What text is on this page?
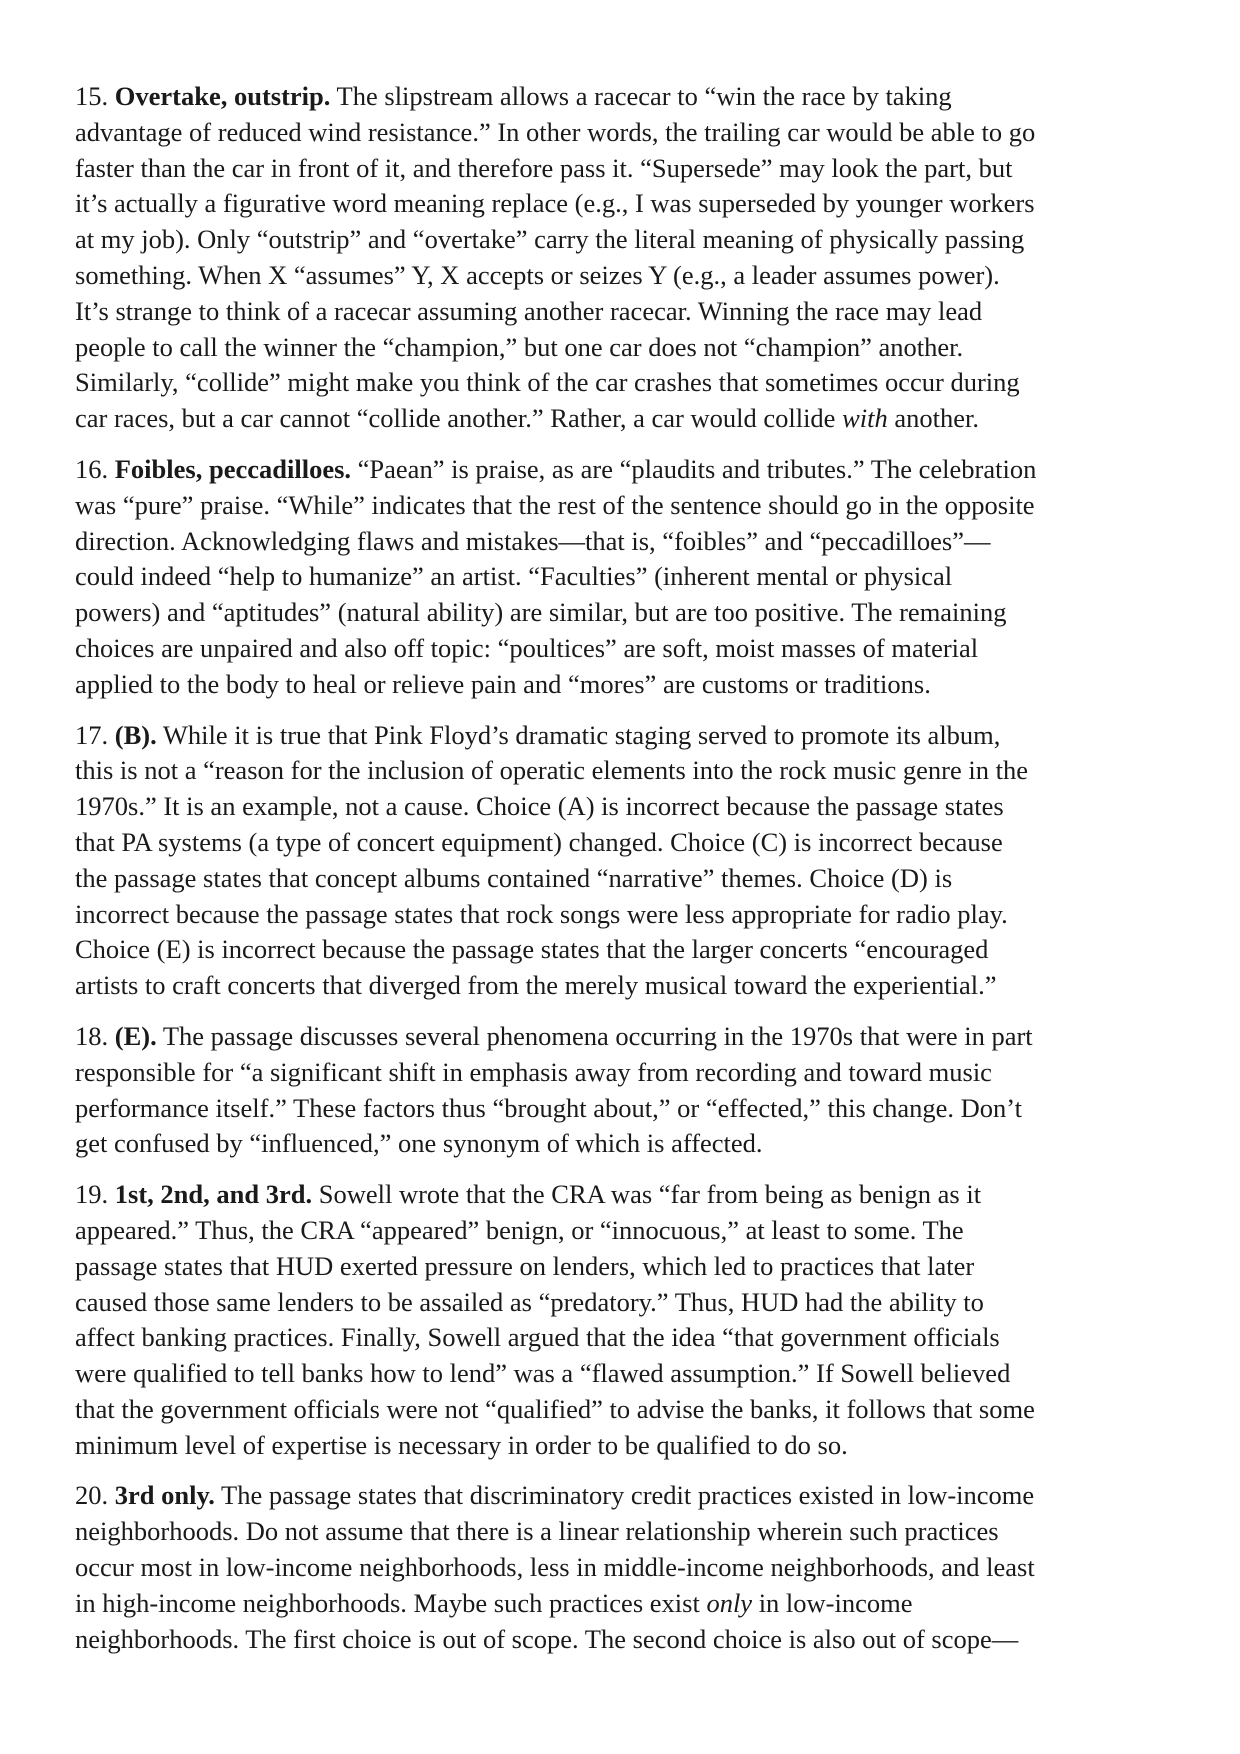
15. Overtake, outstrip. The slipstream allows a racecar to “win the race by taking
advantage of reduced wind resistance.” In other words, the trailing car would be able to go
faster than the car in front of it, and therefore pass it. “Supersede” may look the part, but
it’s actually a figurative word meaning replace (e.g., I was superseded by younger workers
at my job). Only “outstrip” and “overtake” carry the literal meaning of physically passing
something. When X “assumes” Y, X accepts or seizes Y (e.g., a leader assumes power).
It’s strange to think of a racecar assuming another racecar. Winning the race may lead
people to call the winner the “champion,” but one car does not “champion” another.
Similarly, “collide” might make you think of the car crashes that sometimes occur during
car races, but a car cannot “collide another.” Rather, a car would collide with another.

16. Foibles, peccadilloes. “Paean” is praise, as are “plaudits and tributes.” The celebration
was “pure” praise. “While” indicates that the rest of the sentence should go in the opposite
direction. Acknowledging flaws and mistakes—that is, “foibles” and “peccadilloes”—
could indeed “help to humanize” an artist. “Faculties” (inherent mental or physical
powers) and “aptitudes” (natural ability) are similar, but are too positive. The remaining
choices are unpaired and also off topic: “poultices” are soft, moist masses of material
applied to the body to heal or relieve pain and “mores” are customs or traditions.

17. (B). While it is true that Pink Floyd’s dramatic staging served to promote its album,
this is not a “reason for the inclusion of operatic elements into the rock music genre in the
1970s.” It is an example, not a cause. Choice (A) is incorrect because the passage states
that PA systems (a type of concert equipment) changed. Choice (C) is incorrect because
the passage states that concept albums contained “narrative” themes. Choice (D) is
incorrect because the passage states that rock songs were less appropriate for radio play.
Choice (E) is incorrect because the passage states that the larger concerts “encouraged
artists to craft concerts that diverged from the merely musical toward the experiential.”

18. (E). The passage discusses several phenomena occurring in the 1970s that were in part
responsible for “a significant shift in emphasis away from recording and toward music
performance itself.” These factors thus “brought about,” or “effected,” this change. Don’t
get confused by “influenced,” one synonym of which is affected.

19. 1st, 2nd, and 3rd. Sowell wrote that the CRA was “far from being as benign as it
appeared.” Thus, the CRA “appeared” benign, or “innocuous,” at least to some. The
passage states that HUD exerted pressure on lenders, which led to practices that later
caused those same lenders to be assailed as “predatory.” Thus, HUD had the ability to
affect banking practices. Finally, Sowell argued that the idea “that government officials
were qualified to tell banks how to lend” was a “flawed assumption.” If Sowell believed
that the government officials were not “qualified” to advise the banks, it follows that some
minimum level of expertise is necessary in order to be qualified to do so.

20. 3rd only. The passage states that discriminatory credit practices existed in low-income
neighborhoods. Do not assume that there is a linear relationship wherein such practices
occur most in low-income neighborhoods, less in middle-income neighborhoods, and least
in high-income neighborhoods. Maybe such practices exist only in low-income
neighborhoods. The first choice is out of scope. The second choice is also out of scope—
